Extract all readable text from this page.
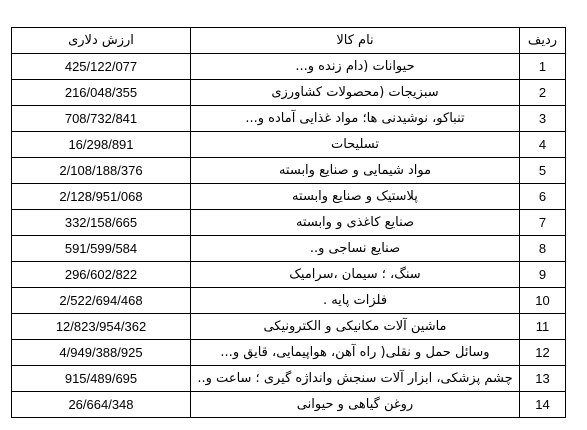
ردیف	نام کالا	ارزش دلاری
1	حیوانات (دام زنده و...	425/122/077
2	سبزیجات (محصولات کشاورزی	216/048/355
3	تنباکو، نوشیدنی ها؛ مواد غذایی آماده و...	708/732/841
4	تسلیحات	16/298/891
5	مواد شیمایی و صنایع وابسته	2/108/188/376
6	پلاستیک و صنایع وابسته	2/128/951/068
7	صنایع کاغذی و وابسته	332/158/665
8	صنایع نساجی و..	591/599/584
9	سنگ، ؛ سیمان ،سرامیک	296/602/822
10	فلزات پایه .	2/522/694/468
11	ماشین آلات مکانیکی و الکترونیکی	12/823/954/362
12	وسائل حمل و نقلی( راه آهن، هواپیمایی، قایق و...	4/949/388/925
13	چشم پزشکی، ابزار آلات سنجش وانداژه گیری ؛ ساعت و..	915/489/695
14	روغن گیاهی و حیوانی	26/664/348
